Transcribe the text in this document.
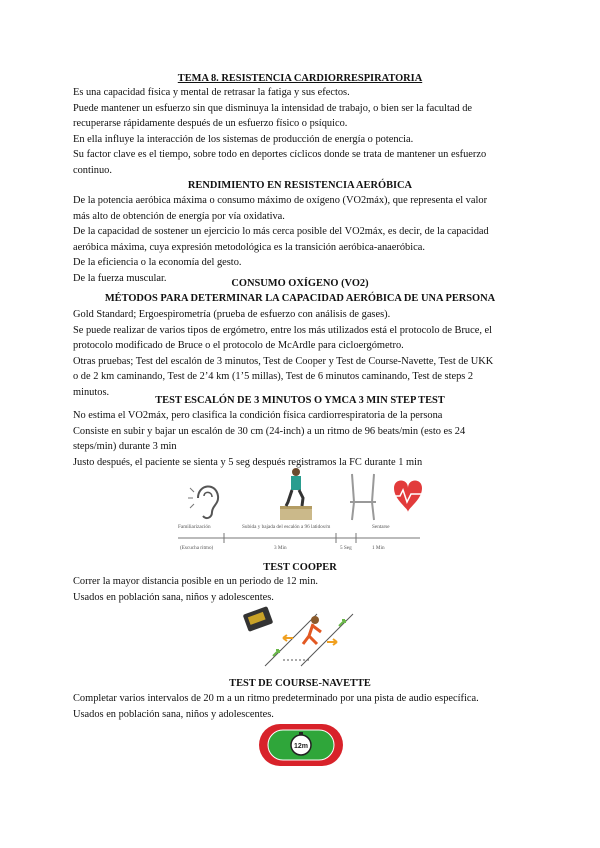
TEMA 8. RESISTENCIA CARDIORRESPIRATORIA
Es una capacidad física y mental de retrasar la fatiga y sus efectos.
Puede mantener un esfuerzo sin que disminuya la intensidad de trabajo, o bien ser la facultad de
recuperarse rápidamente después de un esfuerzo físico o psíquico.
En ella influye la interacción de los sistemas de producción de energía o potencia.
Su factor clave es el tiempo, sobre todo en deportes cíclicos donde se trata de mantener un esfuerzo
continuo.
RENDIMIENTO EN RESISTENCIA AERÓBICA
De la potencia aeróbica máxima o consumo máximo de oxígeno (VO2máx), que representa el valor
más alto de obtención de energía por vía oxidativa.
De la capacidad de sostener un ejercicio lo más cerca posible del VO2máx, es decir, de la capacidad
aeróbica máxima, cuya expresión metodológica es la transición aeróbica-anaeróbica.
De la eficiencia o la economía del gesto.
De la fuerza muscular.	CONSUMO OXÍGENO (VO2)
MÉTODOS PARA DETERMINAR LA CAPACIDAD AERÓBICA DE UNA PERSONA
Gold Standard; Ergoespirometría (prueba de esfuerzo con análisis de gases).
Se puede realizar de varios tipos de ergómetro, entre los más utilizados está el protocolo de Bruce, el
protocolo modificado de Bruce o el protocolo de McArdle para cicloergómetro.
Otras pruebas; Test del escalón de 3 minutos, Test de Cooper y Test de Course-Navette, Test de UKK
o de 2 km caminando, Test de 2’4 km (1’5 millas), Test de 6 minutos caminando, Test de steps 2
minutos.
TEST ESCALÓN DE 3 MINUTOS O YMCA 3 MIN STEP TEST
No estima el VO2máx, pero clasifica la condición física cardiorrespiratoria de la persona
Consiste en subir y bajar un escalón de 30 cm (24-inch) a un ritmo de 96 beats/min (esto es 24
steps/min) durante 3 min
Justo después, el paciente se sienta y 5 seg después registramos la FC durante 1 min
Familiarización	Subida y bajada del escalón a 96 latidos/m	Sentarse
(Escucha ritmo)	3 Min	5 Seg	1 Min
TEST COOPER
Correr la mayor distancia posible en un periodo de 12 min.
Usados en población sana, niños y adolescentes.
TEST DE COURSE-NAVETTE
Completar varios intervalos de 20 m a un ritmo predeterminado por una pista de audio específica.
Usados en población sana, niños y adolescentes.
12m
